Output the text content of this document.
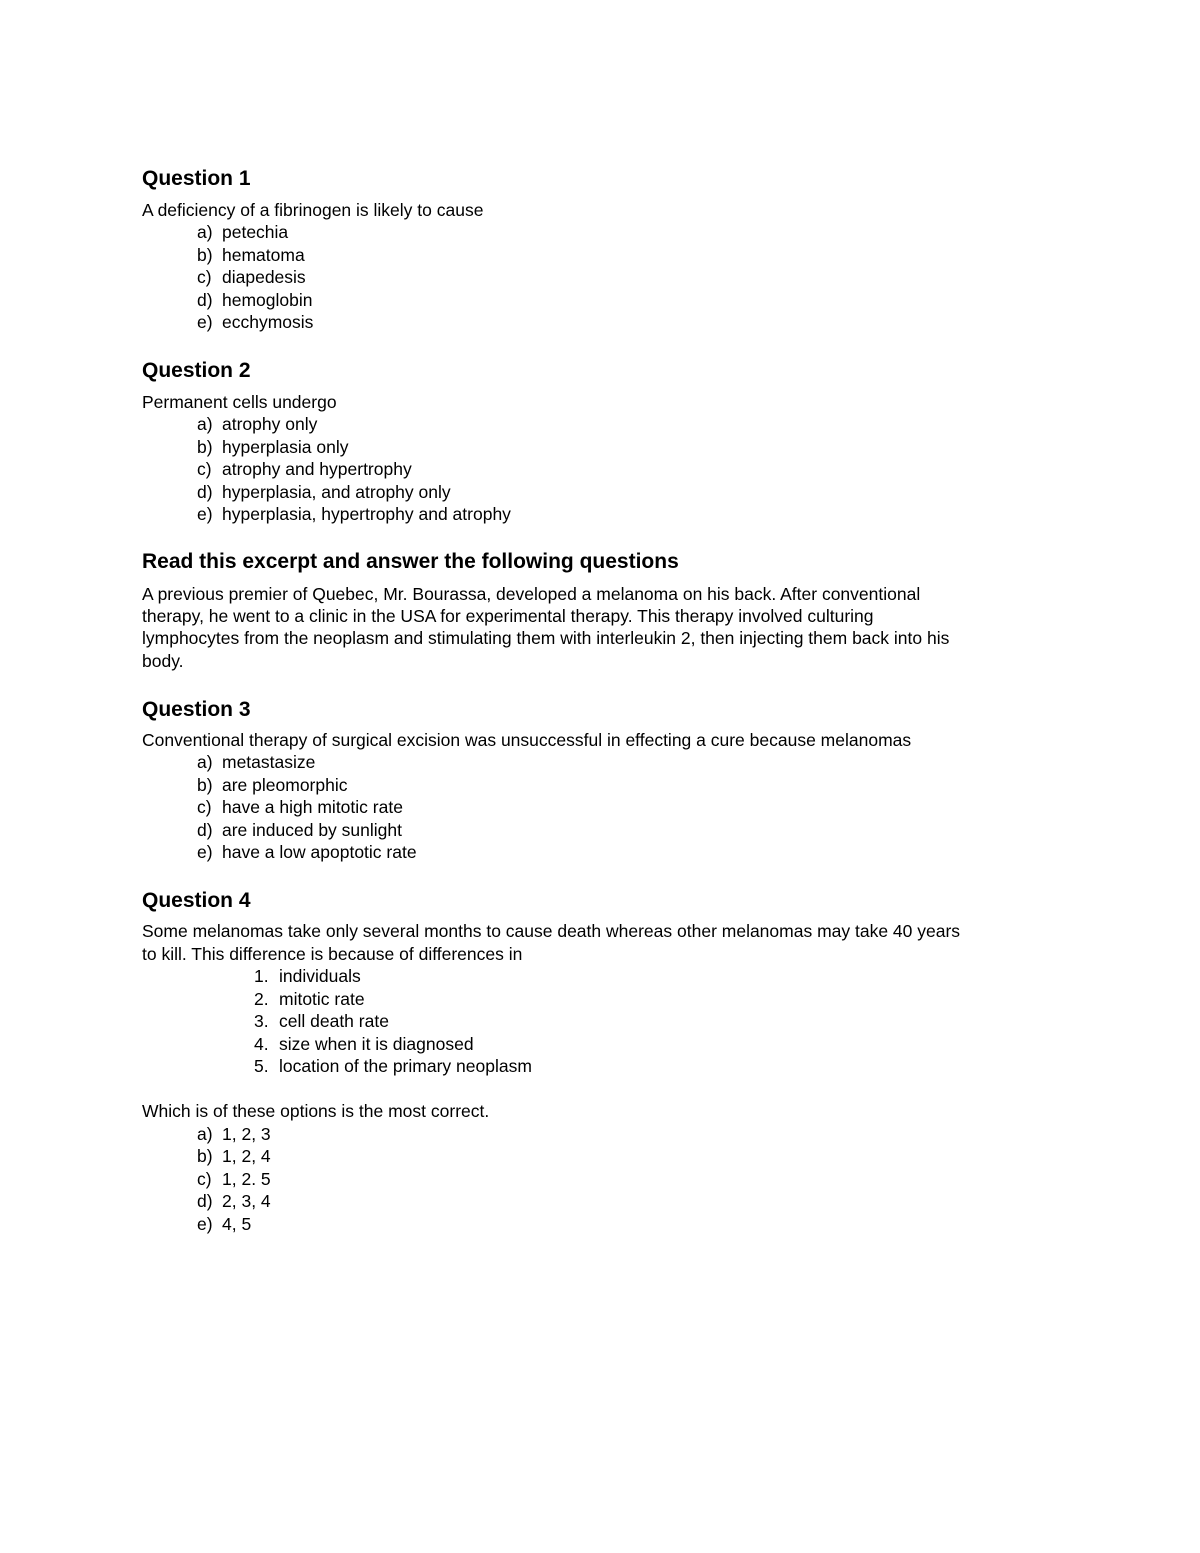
Question 1

A deficiency of a fibrinogen is likely to cause

a) petechia
b) hematoma
c) diapedesis
d) hemoglobin
e) ecchymosis
Question 2

Permanent cells undergo

a) atrophy only
b) hyperplasia only
c) atrophy and hypertrophy
d) hyperplasia, and atrophy only
e) hyperplasia, hypertrophy and atrophy
Read this excerpt and answer the following questions

A previous premier of Quebec, Mr. Bourassa, developed a melanoma on his back. After conventional

therapy, he went to a clinic in the USA for experimental therapy. This therapy involved culturing

lymphocytes from the neoplasm and stimulating them with interleukin 2, then injecting them back into his

body.

Question 3

Conventional therapy of surgical excision was unsuccessful in effecting a cure because melanomas

a) metastasize
b) are pleomorphic
c) have a high mitotic rate
d) are induced by sunlight
e) have a low apoptotic rate
Question 4

Some melanomas take only several months to cause death whereas other melanomas may take 40 years

to kill. This difference is because of differences in

1. individuals
2. mitotic rate
3. cell death rate
4. size when it is diagnosed
5. location of the primary neoplasm

Which is of these options is the most correct.

a) 1, 2, 3
b) 1, 2, 4
c) 1, 2. 5
d) 2, 3, 4
e) 4, 5
